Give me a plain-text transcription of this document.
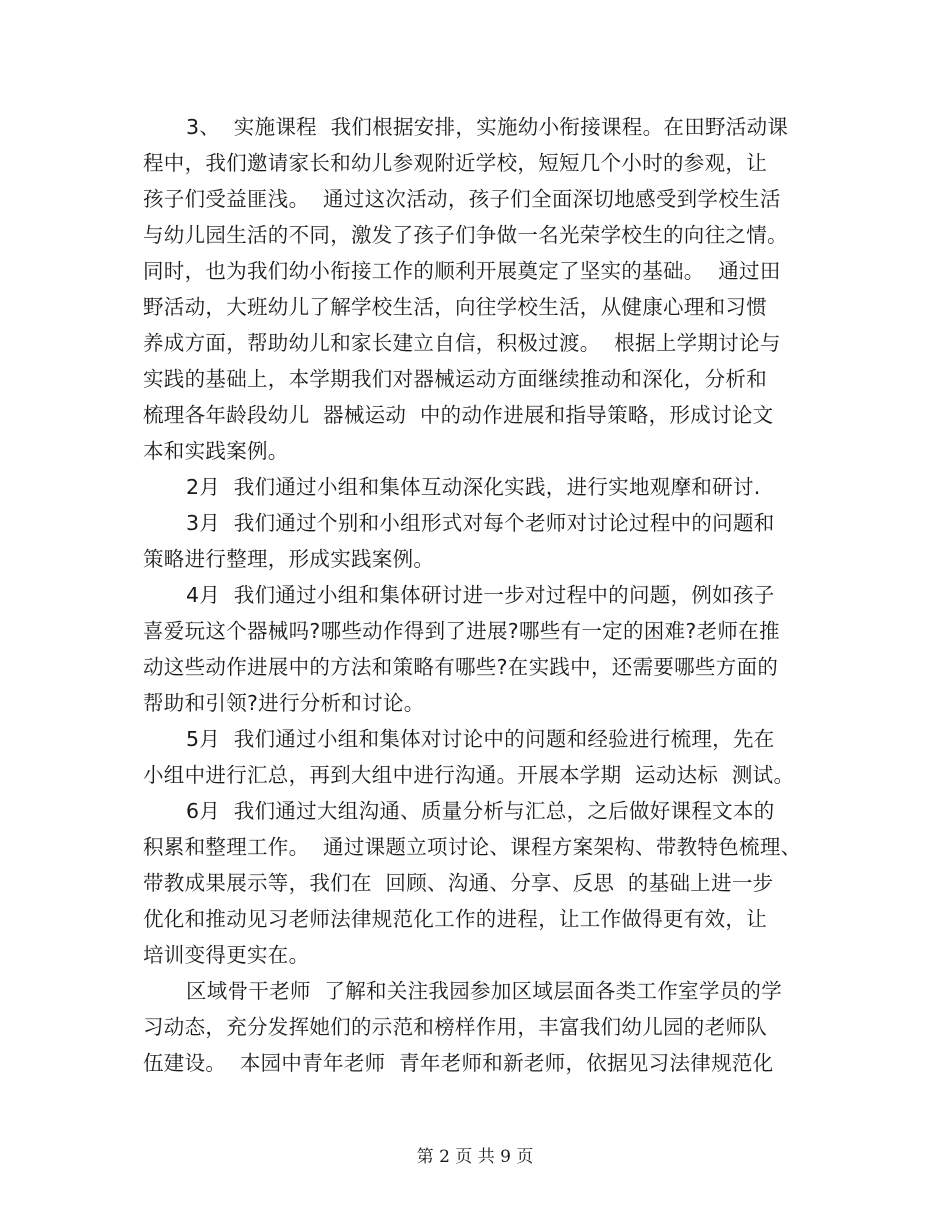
3、  实施课程  我们根据安排，实施幼小衔接课程。在田野活动课
程中，我们邀请家长和幼儿参观附近学校，短短几个小时的参观，让
孩子们受益匪浅。  通过这次活动，孩子们全面深切地感受到学校生活
与幼儿园生活的不同，激发了孩子们争做一名光荣学校生的向往之情。
同时，也为我们幼小衔接工作的顺利开展奠定了坚实的基础。  通过田
野活动，大班幼儿了解学校生活，向往学校生活，从健康心理和习惯
养成方面，帮助幼儿和家长建立自信，积极过渡。  根据上学期讨论与
实践的基础上，本学期我们对器械运动方面继续推动和深化，分析和
梳理各年龄段幼儿  器械运动  中的动作进展和指导策略，形成讨论文
本和实践案例。
2月  我们通过小组和集体互动深化实践，进行实地观摩和研讨.
3月  我们通过个别和小组形式对每个老师对讨论过程中的问题和
策略进行整理，形成实践案例。
4月  我们通过小组和集体研讨进一步对过程中的问题，例如孩子
喜爱玩这个器械吗?哪些动作得到了进展?哪些有一定的困难?老师在推
动这些动作进展中的方法和策略有哪些?在实践中，还需要哪些方面的
帮助和引领?进行分析和讨论。
5月  我们通过小组和集体对讨论中的问题和经验进行梳理，先在
小组中进行汇总，再到大组中进行沟通。开展本学期  运动达标  测试。
6月  我们通过大组沟通、质量分析与汇总，之后做好课程文本的
积累和整理工作。  通过课题立项讨论、课程方案架构、带教特色梳理、
带教成果展示等，我们在  回顾、沟通、分享、反思  的基础上进一步
优化和推动见习老师法律规范化工作的进程，让工作做得更有效，让
培训变得更实在。
区域骨干老师  了解和关注我园参加区域层面各类工作室学员的学
习动态，充分发挥她们的示范和榜样作用，丰富我们幼儿园的老师队
伍建设。  本园中青年老师  青年老师和新老师，依据见习法律规范化
第 2 页 共 9 页
